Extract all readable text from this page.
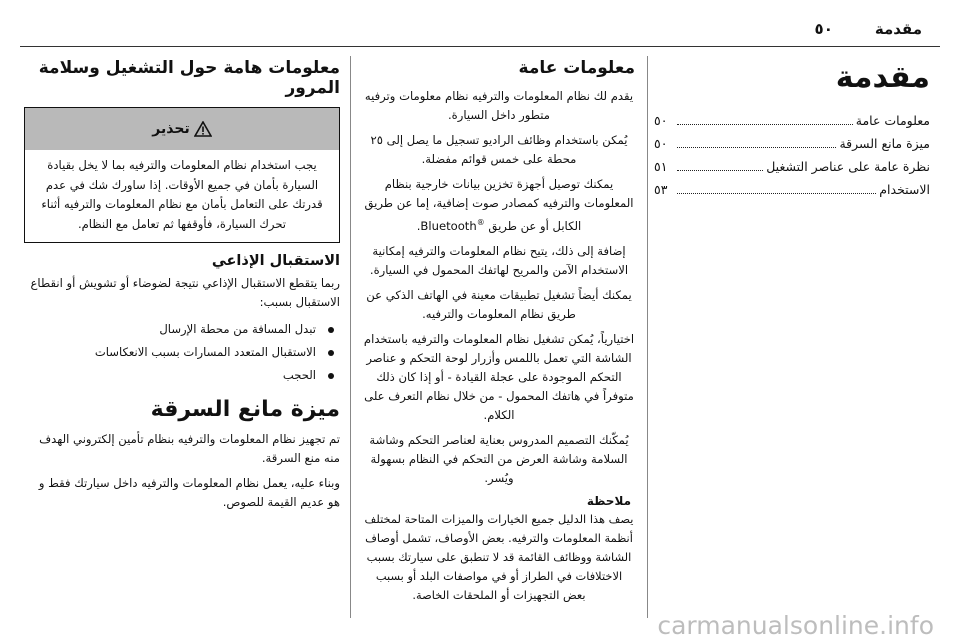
مقدمة
٥٠
مقدمة
معلومات عامة
٥٠
ميزة مانع السرقة
٥٠
نظرة عامة على عناصر التشغيل
٥١
الاستخدام
٥٣
معلومات عامة

يقدم لك نظام المعلومات والترفيه نظام معلومات وترفيه متطور داخل السيارة.

يُمكن باستخدام وظائف الراديو تسجيل ما يصل إلى ٢٥ محطة على خمس قوائم مفضلة.

يمكنك توصيل أجهزة تخزين بيانات خارجية بنظام المعلومات والترفيه كمصادر صوت إضافية، إما عن طريق الكابل أو عن طريق Bluetooth®.

إضافة إلى ذلك، يتيح نظام المعلومات والترفيه إمكانية الاستخدام الآمن والمريح لهاتفك المحمول في السيارة.

يمكنك أيضاً تشغيل تطبيقات معينة في الهاتف الذكي عن طريق نظام المعلومات والترفيه.

اختيارياً، يُمكن تشغيل نظام المعلومات والترفيه باستخدام الشاشة التي تعمل باللمس وأزرار لوحة التحكم و عناصر التحكم الموجودة على عجلة القيادة - أو إذا كان ذلك متوفراً في هاتفك المحمول - من خلال نظام التعرف على الكلام.

يُمكّنك التصميم المدروس بعناية لعناصر التحكم وشاشة السلامة وشاشة العرض من التحكم في النظام بسهولة ويُسر.

ملاحظة

يصف هذا الدليل جميع الخيارات والميزات المتاحة لمختلف أنظمة المعلومات والترفيه. بعض الأوصاف، تشمل أوصاف الشاشة ووظائف القائمة قد لا تنطبق على سيارتك بسبب الاختلافات في الطراز أو في مواصفات البلد أو بسبب بعض التجهيزات أو الملحقات الخاصة.

معلومات هامة حول التشغيل وسلامة المرور
تحذير

يجب استخدام نظام المعلومات والترفيه بما لا يخل بقيادة السيارة بأمان في جميع الأوقات. إذا ساورك شك في عدم قدرتك على التعامل بأمان مع نظام المعلومات والترفيه أثناء تحرك السيارة، فأوقفها ثم تعامل مع النظام.

الاستقبال الإذاعي

ربما يتقطع الاستقبال الإذاعي نتيجة لضوضاء أو تشويش أو انقطاع الاستقبال بسبب:

تبدل المسافة من محطة الإرسال
الاستقبال المتعدد المسارات بسبب الانعكاسات
الحجب
ميزة مانع السرقة

تم تجهيز نظام المعلومات والترفيه بنظام تأمين إلكتروني الهدف منه منع السرقة.

وبناء عليه، يعمل نظام المعلومات والترفيه داخل سيارتك فقط و هو عديم القيمة للصوص.

carmanualsonline.info
